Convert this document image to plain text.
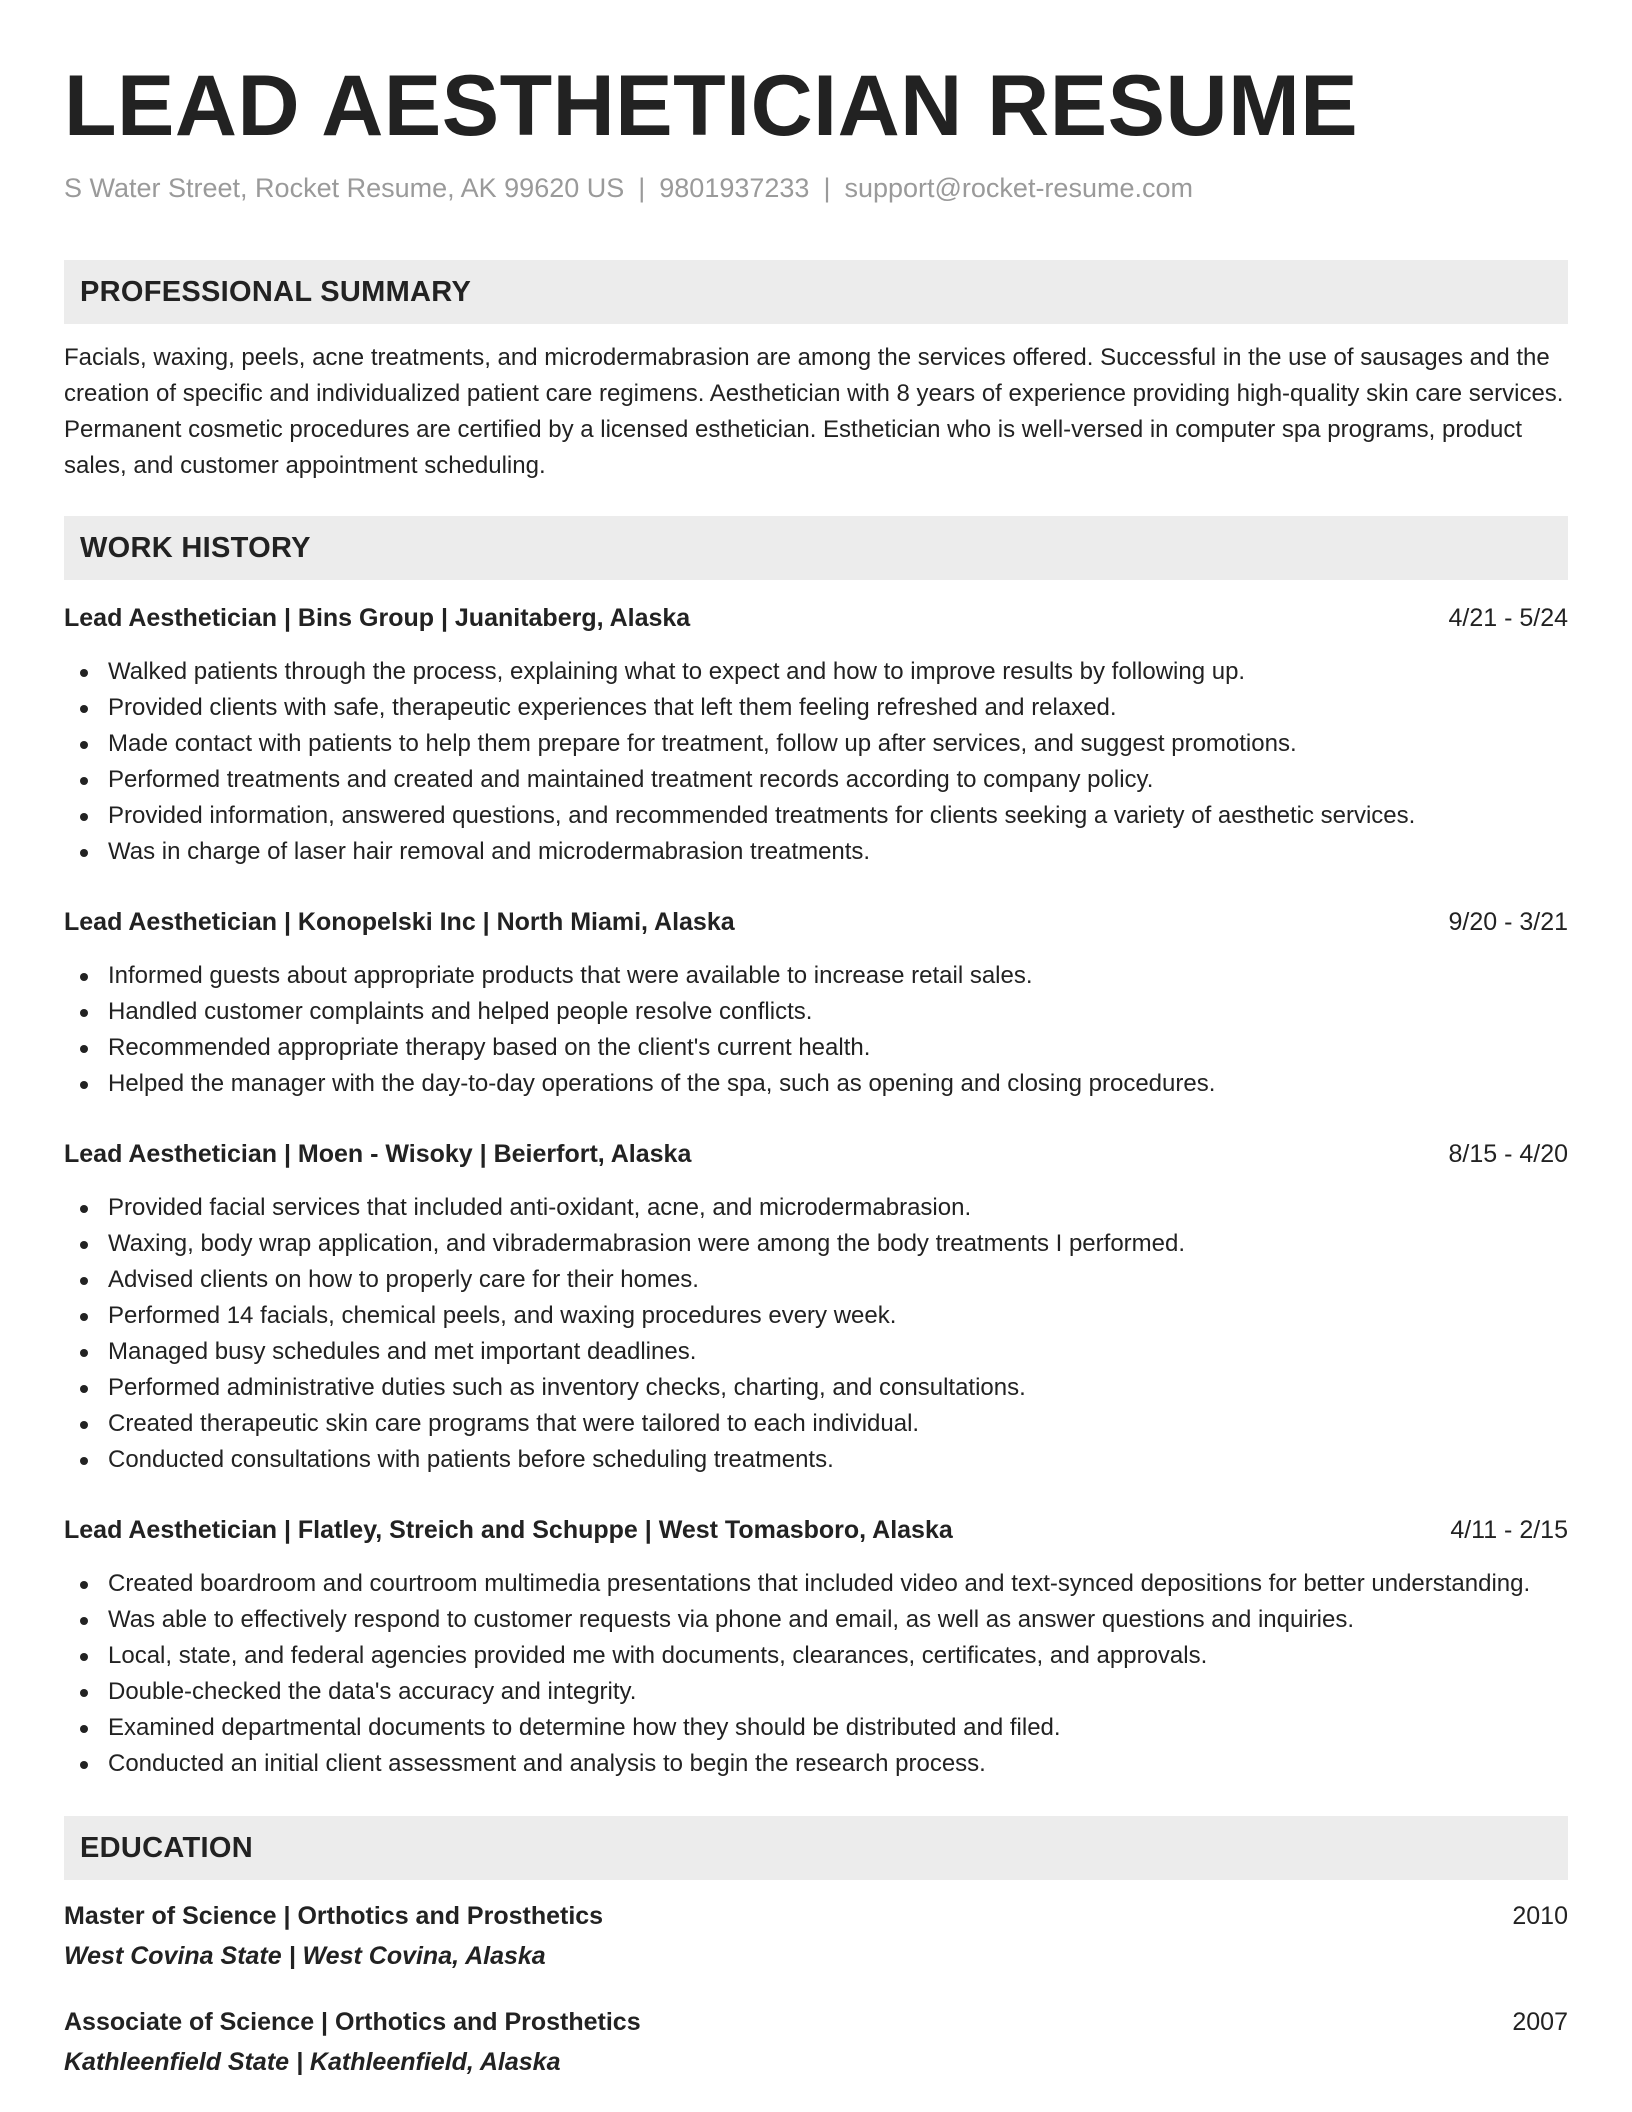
LEAD AESTHETICIAN RESUME
S Water Street, Rocket Resume, AK 99620 US | 9801937233 | support@rocket-resume.com
PROFESSIONAL SUMMARY
Facials, waxing, peels, acne treatments, and microdermabrasion are among the services offered. Successful in the use of sausages and the creation of specific and individualized patient care regimens. Aesthetician with 8 years of experience providing high-quality skin care services. Permanent cosmetic procedures are certified by a licensed esthetician. Esthetician who is well-versed in computer spa programs, product sales, and customer appointment scheduling.
WORK HISTORY
Lead Aesthetician | Bins Group | Juanitaberg, Alaska	4/21 - 5/24
Walked patients through the process, explaining what to expect and how to improve results by following up.
Provided clients with safe, therapeutic experiences that left them feeling refreshed and relaxed.
Made contact with patients to help them prepare for treatment, follow up after services, and suggest promotions.
Performed treatments and created and maintained treatment records according to company policy.
Provided information, answered questions, and recommended treatments for clients seeking a variety of aesthetic services.
Was in charge of laser hair removal and microdermabrasion treatments.
Lead Aesthetician | Konopelski Inc | North Miami, Alaska	9/20 - 3/21
Informed guests about appropriate products that were available to increase retail sales.
Handled customer complaints and helped people resolve conflicts.
Recommended appropriate therapy based on the client's current health.
Helped the manager with the day-to-day operations of the spa, such as opening and closing procedures.
Lead Aesthetician | Moen - Wisoky | Beierfort, Alaska	8/15 - 4/20
Provided facial services that included anti-oxidant, acne, and microdermabrasion.
Waxing, body wrap application, and vibradermabrasion were among the body treatments I performed.
Advised clients on how to properly care for their homes.
Performed 14 facials, chemical peels, and waxing procedures every week.
Managed busy schedules and met important deadlines.
Performed administrative duties such as inventory checks, charting, and consultations.
Created therapeutic skin care programs that were tailored to each individual.
Conducted consultations with patients before scheduling treatments.
Lead Aesthetician | Flatley, Streich and Schuppe | West Tomasboro, Alaska	4/11 - 2/15
Created boardroom and courtroom multimedia presentations that included video and text-synced depositions for better understanding.
Was able to effectively respond to customer requests via phone and email, as well as answer questions and inquiries.
Local, state, and federal agencies provided me with documents, clearances, certificates, and approvals.
Double-checked the data's accuracy and integrity.
Examined departmental documents to determine how they should be distributed and filed.
Conducted an initial client assessment and analysis to begin the research process.
EDUCATION
Master of Science | Orthotics and Prosthetics	2010
West Covina State | West Covina, Alaska
Associate of Science | Orthotics and Prosthetics	2007
Kathleenfield State | Kathleenfield, Alaska
